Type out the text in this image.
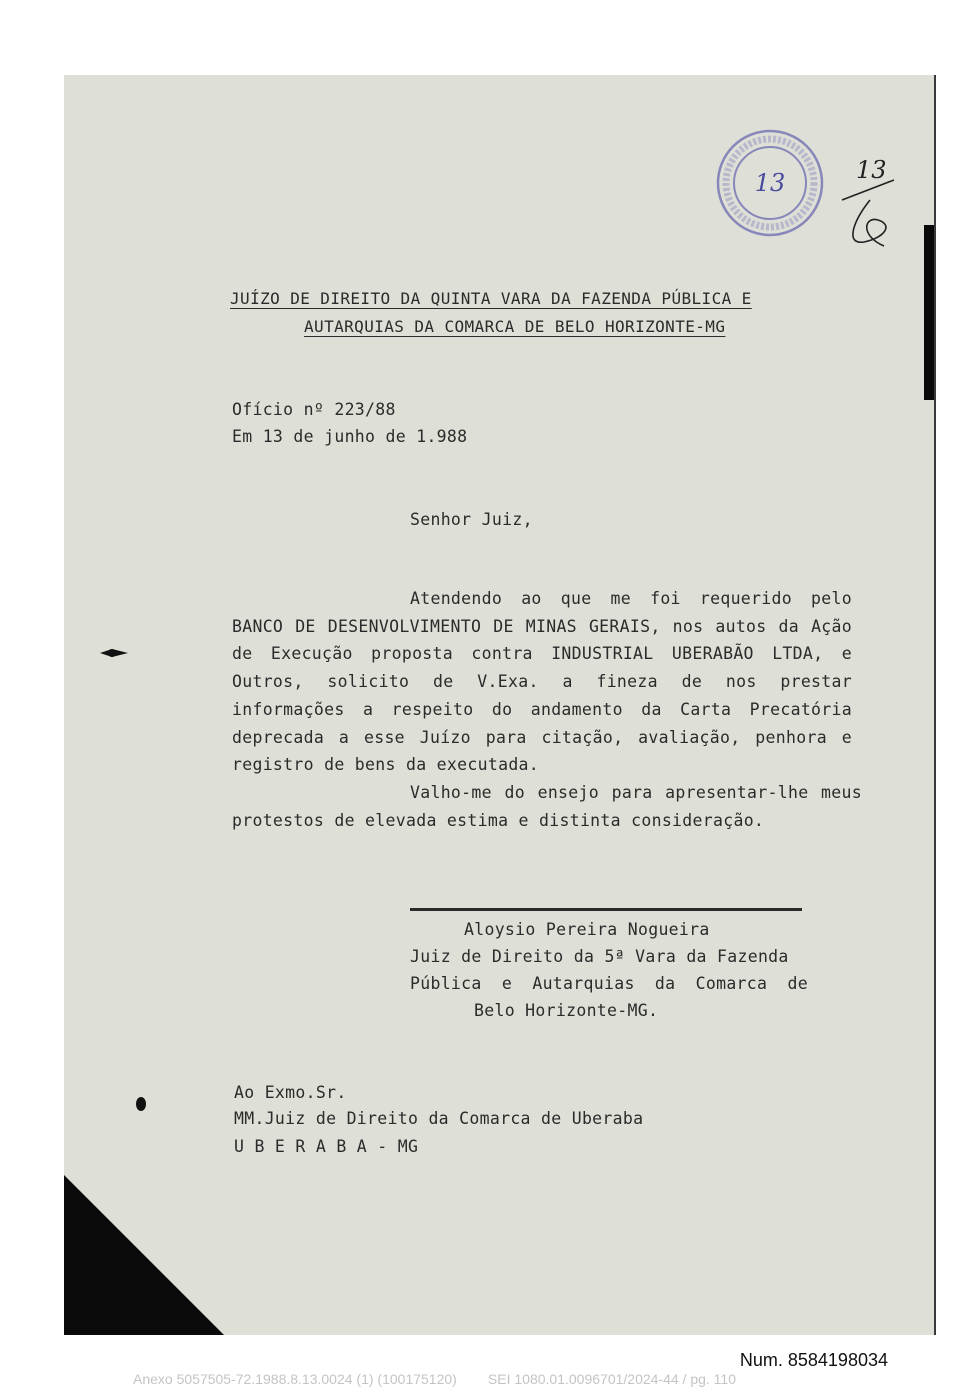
13	13
JUÍZO DE DIREITO DA QUINTA VARA DA FAZENDA PÚBLICA E
AUTARQUIAS DA COMARCA DE BELO HORIZONTE-MG
Ofício nº 223/88
Em 13 de junho de 1.988
Senhor Juiz,
Atendendo ao que me foi requerido pelo BANCO DE DESENVOLVIMENTO DE MINAS GERAIS, nos autos da Ação de Execução proposta contra INDUSTRIAL UBERABÃO LTDA, e Outros, solicito de V.Exa. a fineza de nos prestar informações a respeito do andamento da Carta Precatória deprecada a esse Juízo para citação, avaliação, penhora e registro de bens da executada.
Valho-me do ensejo para apresentar-lhe meus protestos de elevada estima e distinta consideração.
Aloysio Pereira Nogueira
Juiz de Direito da 5ª Vara da Fazenda
Pública e Autarquias da Comarca de
Belo Horizonte-MG.
Ao Exmo.Sr.
MM.Juiz de Direito da Comarca de Uberaba
U B E R A B A - MG
Num. 8584198034
Anexo 5057505-72.1988.8.13.0024 (1) (100175120)        SEI 1080.01.0096701/2024-44 / pg. 110
